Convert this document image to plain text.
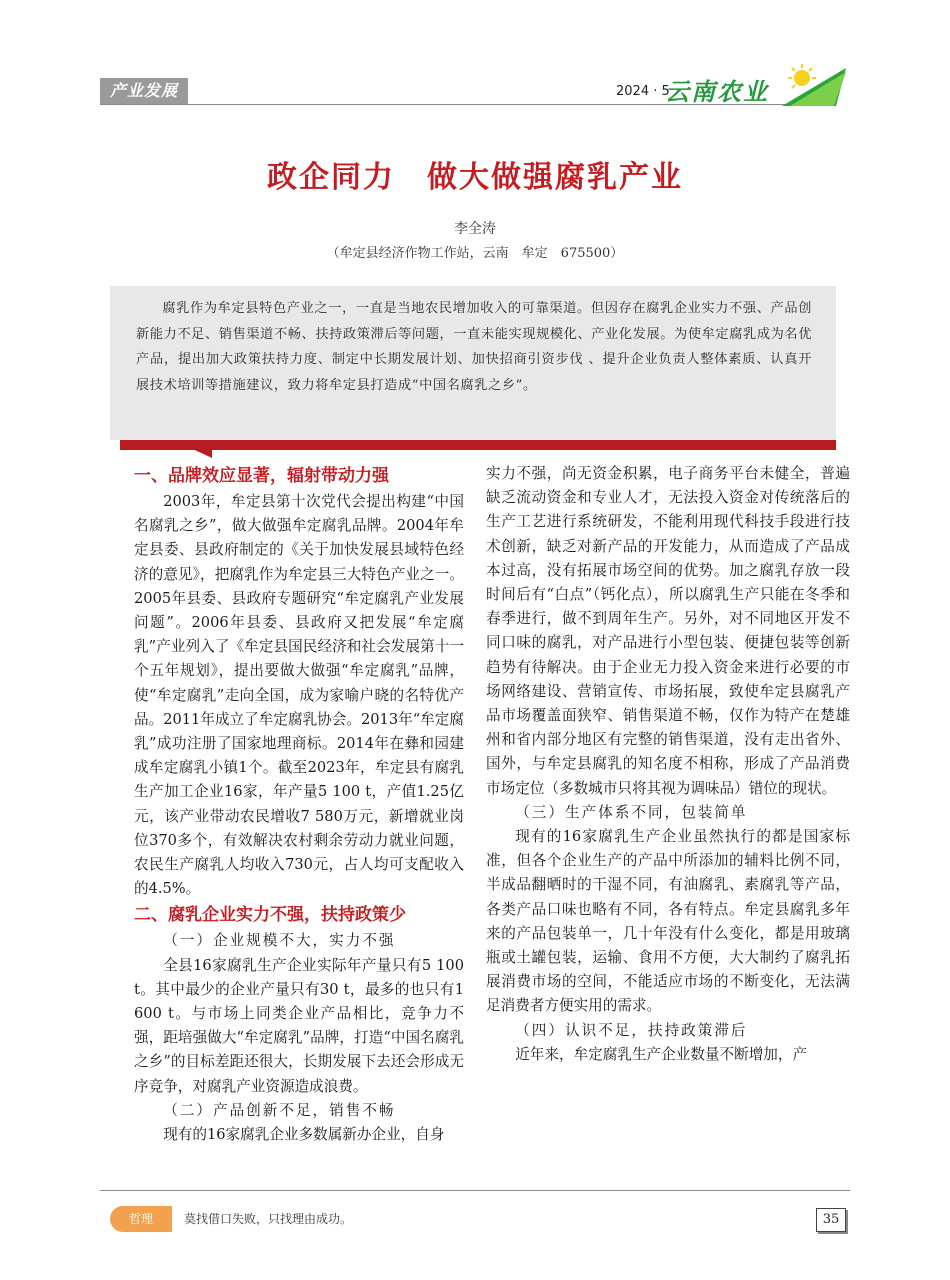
产业发展	2024 · 5
云南农业
政企同力　做大做强腐乳产业
李全涛
（牟定县经济作物工作站，云南　牟定　675500）
腐乳作为牟定县特色产业之一，一直是当地农民增加收入的可靠渠道。但因存在腐乳企业实力不强、产品创新能力不足、销售渠道不畅、扶持政策滞后等问题，一直未能实现规模化、产业化发展。为使牟定腐乳成为名优产品，提出加大政策扶持力度、制定中长期发展计划、加快招商引资步伐 、提升企业负责人整体素质、认真开展技术培训等措施建议，致力将牟定县打造成“中国名腐乳之乡”。
一、品牌效应显著，辐射带动力强

2003年，牟定县第十次党代会提出构建“中国名腐乳之乡”，做大做强牟定腐乳品牌。2004年牟定县委、县政府制定的《关于加快发展县域特色经济的意见》，把腐乳作为牟定县三大特色产业之一。2005年县委、县政府专题研究“牟定腐乳产业发展问题”。2006年县委、县政府又把发展“牟定腐乳”产业列入了《牟定县国民经济和社会发展第十一个五年规划》，提出要做大做强“牟定腐乳”品牌，使“牟定腐乳”走向全国，成为家喻户晓的名特优产品。2011年成立了牟定腐乳协会。2013年“牟定腐乳”成功注册了国家地理商标。2014年在彝和园建成牟定腐乳小镇1个。截至2023年，牟定县有腐乳生产加工企业16家，年产量5 100 t，产值1.25亿元，该产业带动农民增收7 580万元，新增就业岗位370多个，有效解决农村剩余劳动力就业问题，农民生产腐乳人均收入730元，占人均可支配收入的4.5%。

二、腐乳企业实力不强，扶持政策少

（一）企业规模不大，实力不强

全县16家腐乳生产企业实际年产量只有5 100 t。其中最少的企业产量只有30 t，最多的也只有1 600 t。与市场上同类企业产品相比，竞争力不强，距培强做大“牟定腐乳”品牌，打造“中国名腐乳之乡”的目标差距还很大，长期发展下去还会形成无序竞争，对腐乳产业资源造成浪费。

（二）产品创新不足，销售不畅

现有的16家腐乳企业多数属新办企业，自身

实力不强，尚无资金积累，电子商务平台未健全，普遍缺乏流动资金和专业人才，无法投入资金对传统落后的生产工艺进行系统研发，不能利用现代科技手段进行技术创新，缺乏对新产品的开发能力，从而造成了产品成本过高，没有拓展市场空间的优势。加之腐乳存放一段时间后有“白点”（钙化点），所以腐乳生产只能在冬季和春季进行，做不到周年生产。另外，对不同地区开发不同口味的腐乳，对产品进行小型包装、便捷包装等创新趋势有待解决。由于企业无力投入资金来进行必要的市场网络建设、营销宣传、市场拓展，致使牟定县腐乳产品市场覆盖面狭窄、销售渠道不畅，仅作为特产在楚雄州和省内部分地区有完整的销售渠道，没有走出省外、国外，与牟定县腐乳的知名度不相称，形成了产品消费市场定位（多数城市只将其视为调味品）错位的现状。

（三）生产体系不同，包装简单

现有的16家腐乳生产企业虽然执行的都是国家标准，但各个企业生产的产品中所添加的辅料比例不同，半成品翻晒时的干湿不同，有油腐乳、素腐乳等产品，各类产品口味也略有不同，各有特点。牟定县腐乳多年来的产品包装单一，几十年没有什么变化，都是用玻璃瓶或土罐包装，运输、食用不方便，大大制约了腐乳拓展消费市场的空间，不能适应市场的不断变化，无法满足消费者方便实用的需求。

（四）认识不足，扶持政策滞后

近年来，牟定腐乳生产企业数量不断增加，产

哲理	莫找借口失败，只找理由成功。	35
